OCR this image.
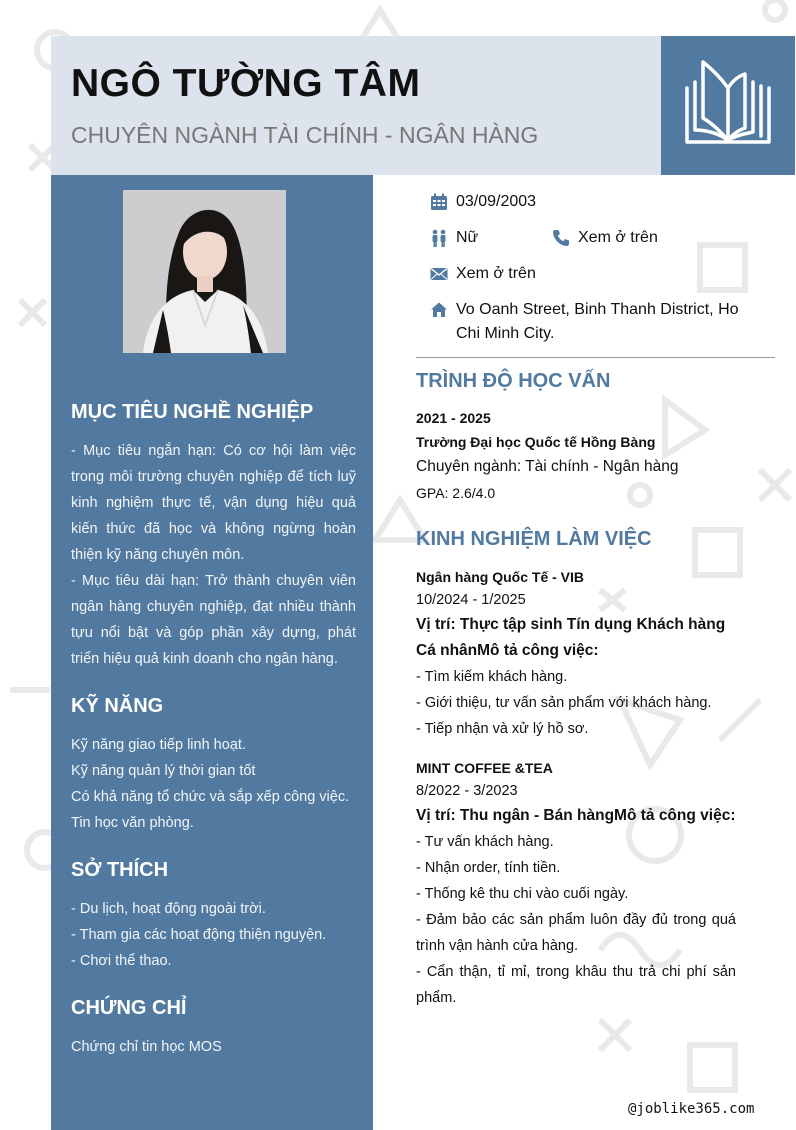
NGÔ TƯỜNG TÂM

CHUYÊN NGÀNH TÀI CHÍNH - NGÂN HÀNG

MỤC TIÊU NGHỀ NGHIỆP

- Mục tiêu ngắn hạn: Có cơ hội làm việc trong môi trường chuyên nghiệp để tích luỹ kinh nghiệm thực tế, vận dụng hiệu quả kiến thức đã học và không ngừng hoàn thiện kỹ năng chuyên môn.

- Mục tiêu dài hạn: Trở thành chuyên viên ngân hàng chuyên nghiệp, đạt nhiều thành tựu nổi bật và góp phần xây dựng, phát triển hiệu quả kinh doanh cho ngân hàng.

KỸ NĂNG

Kỹ năng giao tiếp linh hoạt.

Kỹ năng quản lý thời gian tốt

Có khả năng tổ chức và sắp xếp công việc.

Tin học văn phòng.

SỞ THÍCH

- Du lịch, hoạt động ngoài trời.

- Tham gia các hoạt động thiện nguyện.

- Chơi thể thao.

CHỨNG CHỈ

Chứng chỉ tin học MOS

03/09/2003
Nữ	Xem ở trên
Xem ở trên
Vo Oanh Street, Binh Thanh District, Ho Chi Minh City.
TRÌNH ĐỘ HỌC VẤN

2021 - 2025

Trường Đại học Quốc tế Hồng Bàng

Chuyên ngành: Tài chính - Ngân hàng

GPA: 2.6/4.0

KINH NGHIỆM LÀM VIỆC

Ngân hàng Quốc Tế - VIB

10/2024 - 1/2025

Vị trí: Thực tập sinh Tín dụng Khách hàng Cá nhânMô tả công việc:

- Tìm kiếm khách hàng.

- Giới thiệu, tư vấn sản phẩm với khách hàng.

- Tiếp nhận và xử lý hồ sơ.

MINT COFFEE &TEA

8/2022 - 3/2023

Vị trí: Thu ngân - Bán hàngMô tả công việc:

- Tư vấn khách hàng.

- Nhận order, tính tiền.

- Thống kê thu chi vào cuối ngày.

- Đảm bảo các sản phẩm luôn đầy đủ trong quá trình vận hành cửa hàng.

- Cẩn thận, tỉ mỉ, trong khâu thu trả chi phí sản phẩm.

@joblike365.com
